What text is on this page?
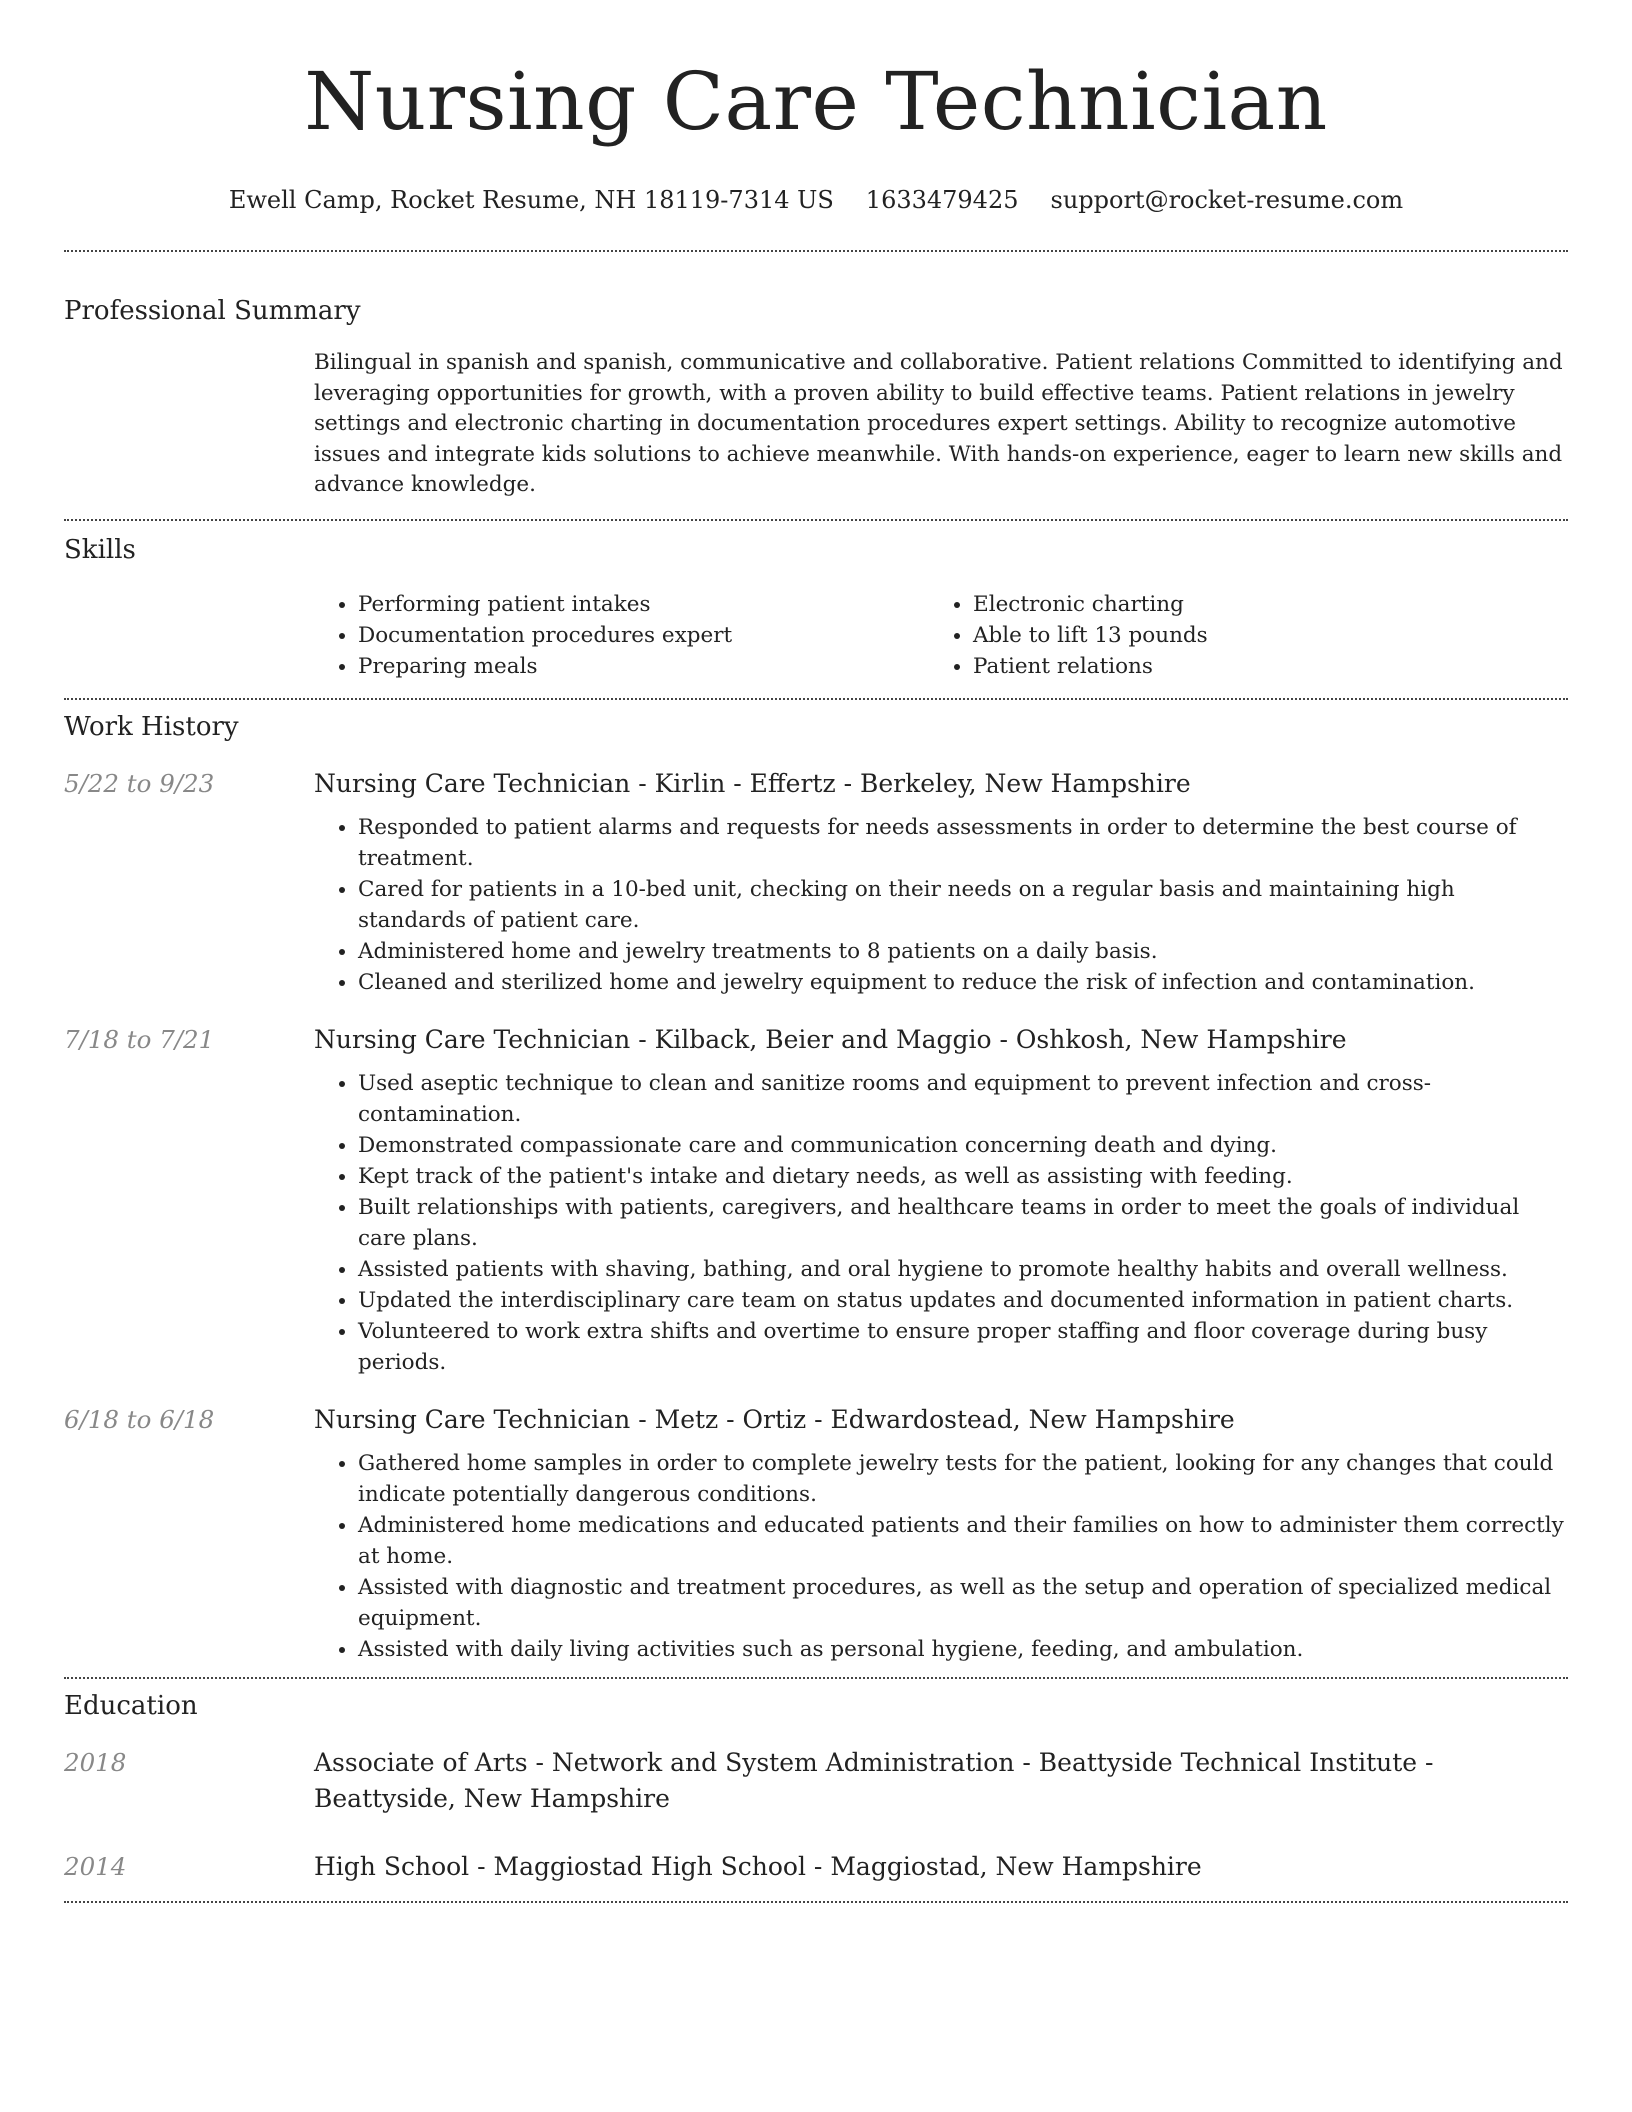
Nursing Care Technician
Ewell Camp, Rocket Resume, NH 18119-7314 US 1633479425 support@rocket-resume.com
Professional Summary

Bilingual in spanish and spanish, communicative and collaborative. Patient relations Committed to identifying and leveraging opportunities for growth, with a proven ability to build effective teams. Patient relations in jewelry settings and electronic charting in documentation procedures expert settings. Ability to recognize automotive issues and integrate kids solutions to achieve meanwhile. With hands-on experience, eager to learn new skills and advance knowledge.

Skills
• Performing patient intakes
• Documentation procedures expert
• Preparing meals
• Electronic charting
• Able to lift 13 pounds
• Patient relations
Work History
5/22 to 9/23	Nursing Care Technician - Kirlin - Effertz - Berkeley, New Hampshire
• Responded to patient alarms and requests for needs assessments in order to determine the best course of treatment.
• Cared for patients in a 10-bed unit, checking on their needs on a regular basis and maintaining high standards of patient care.
• Administered home and jewelry treatments to 8 patients on a daily basis.
• Cleaned and sterilized home and jewelry equipment to reduce the risk of infection and contamination.
7/18 to 7/21	Nursing Care Technician - Kilback, Beier and Maggio - Oshkosh, New Hampshire
• Used aseptic technique to clean and sanitize rooms and equipment to prevent infection and cross-contamination.
• Demonstrated compassionate care and communication concerning death and dying.
• Kept track of the patient's intake and dietary needs, as well as assisting with feeding.
• Built relationships with patients, caregivers, and healthcare teams in order to meet the goals of individual care plans.
• Assisted patients with shaving, bathing, and oral hygiene to promote healthy habits and overall wellness.
• Updated the interdisciplinary care team on status updates and documented information in patient charts.
• Volunteered to work extra shifts and overtime to ensure proper staffing and floor coverage during busy periods.
6/18 to 6/18	Nursing Care Technician - Metz - Ortiz - Edwardostead, New Hampshire
• Gathered home samples in order to complete jewelry tests for the patient, looking for any changes that could indicate potentially dangerous conditions.
• Administered home medications and educated patients and their families on how to administer them correctly at home.
• Assisted with diagnostic and treatment procedures, as well as the setup and operation of specialized medical equipment.
• Assisted with daily living activities such as personal hygiene, feeding, and ambulation.
Education
2018	Associate of Arts - Network and System Administration - Beattyside Technical Institute - Beattyside, New Hampshire
2014	High School - Maggiostad High School - Maggiostad, New Hampshire
